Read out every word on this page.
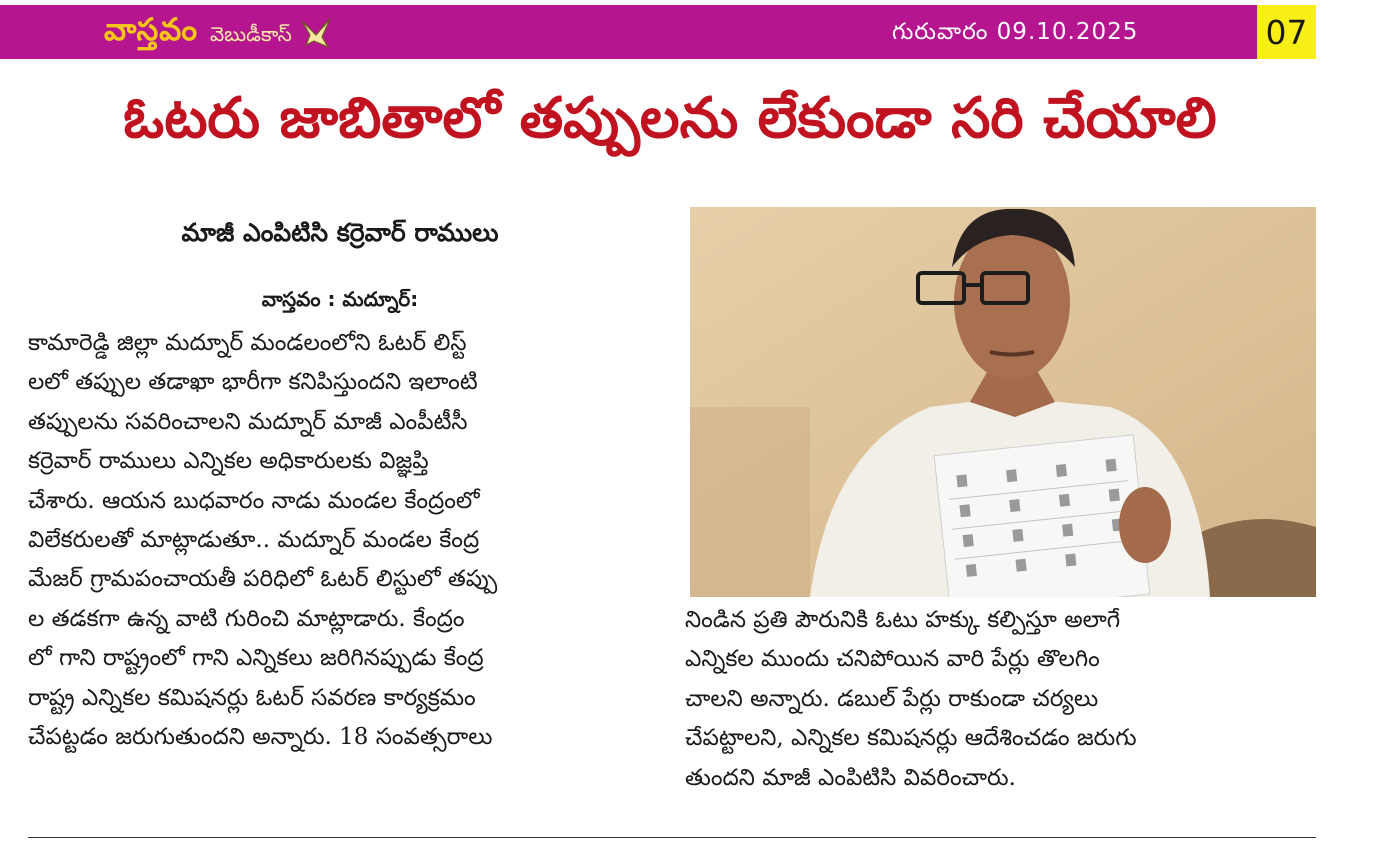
వాస్తవం వెబుడీకాస్	గురువారం 09.10.2025	07
ఓటరు జాబితాలో తప్పులను లేకుండా సరి చేయాలి
మాజీ ఎంపిటిసి కర్రెవార్ రాములు
వాస్తవం : మద్నూర్:
కామారెడ్డి జిల్లా మద్నూర్ మండలంలోని ఓటర్ లిస్ట్
లలో తప్పుల తడాఖా భారీగా కనిపిస్తుందని ఇలాంటి
తప్పులను సవరించాలని మద్నూర్ మాజీ ఎంపీటీసీ
కర్రెవార్ రాములు ఎన్నికల అధికారులకు విజ్ఞప్తి
చేశారు. ఆయన బుధవారం నాడు మండల కేంద్రంలో
విలేకరులతో మాట్లాడుతూ.. మద్నూర్ మండల కేంద్ర
మేజర్ గ్రామపంచాయతీ పరిధిలో ఓటర్ లిస్టులో తప్పు
ల తడకగా ఉన్న వాటి గురించి మాట్లాడారు. కేంద్రం
లో గాని రాష్ట్రంలో గాని ఎన్నికలు జరిగినప్పుడు కేంద్ర
రాష్ట్ర ఎన్నికల కమిషనర్లు ఓటర్ సవరణ కార్యక్రమం
చేపట్టడం జరుగుతుందని అన్నారు. 18 సంవత్సరాలు
నిండిన ప్రతి పౌరునికి ఓటు హక్కు కల్పిస్తూ అలాగే
ఎన్నికల ముందు చనిపోయిన వారి పేర్లు తొలగిం
చాలని అన్నారు. డబుల్ పేర్లు రాకుండా చర్యలు
చేపట్టాలని, ఎన్నికల కమిషనర్లు ఆదేశించడం జరుగు
తుందని మాజీ ఎంపిటిసి వివరించారు.
